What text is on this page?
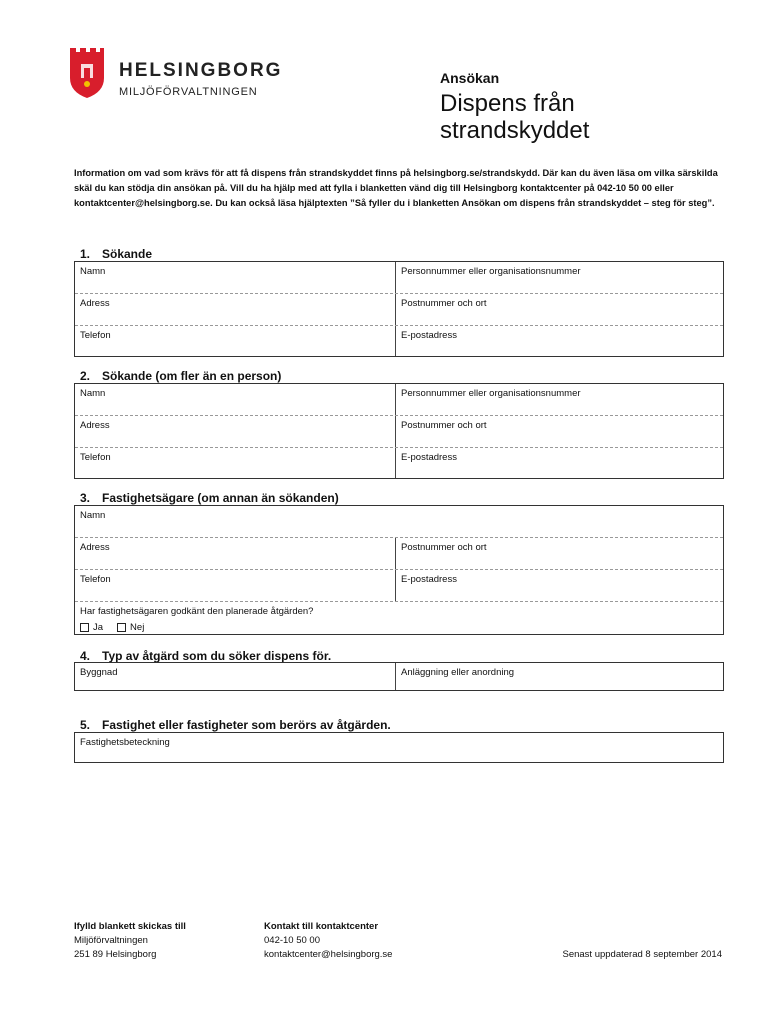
HELSINGBORG
MILJÖFÖRVALTNINGEN
Ansökan
Dispens från strandskyddet
Information om vad som krävs för att få dispens från strandskyddet finns på helsingborg.se/strandskydd. Där kan du även läsa om vilka särskilda skäl du kan stödja din ansökan på. Vill du ha hjälp med att fylla i blanketten vänd dig till Helsingborg kontaktcenter på 042-10 50 00 eller kontaktcenter@helsingborg.se. Du kan också läsa hjälptexten ”Så fyller du i blanketten Ansökan om dispens från strandskyddet – steg för steg”.
1. Sökande
Namn	Personnummer eller organisationsnummer
Adress	Postnummer och ort
Telefon	E-postadress
2. Sökande (om fler än en person)
Namn	Personnummer eller organisationsnummer
Adress	Postnummer och ort
Telefon	E-postadress
3. Fastighetsägare (om annan än sökanden)
Namn
Adress	Postnummer och ort
Telefon	E-postadress
Har fastighetsägaren godkänt den planerade åtgärden?
Ja	Nej
4. Typ av åtgärd som du söker dispens för.
Byggnad	Anläggning eller anordning
5. Fastighet eller fastigheter som berörs av åtgärden.
Fastighetsbeteckning
Ifylld blankett skickas till
Miljöförvaltningen
251 89 Helsingborg
Kontakt till kontaktcenter
042-10 50 00
kontaktcenter@helsingborg.se	Senast uppdaterad 8 september 2014
